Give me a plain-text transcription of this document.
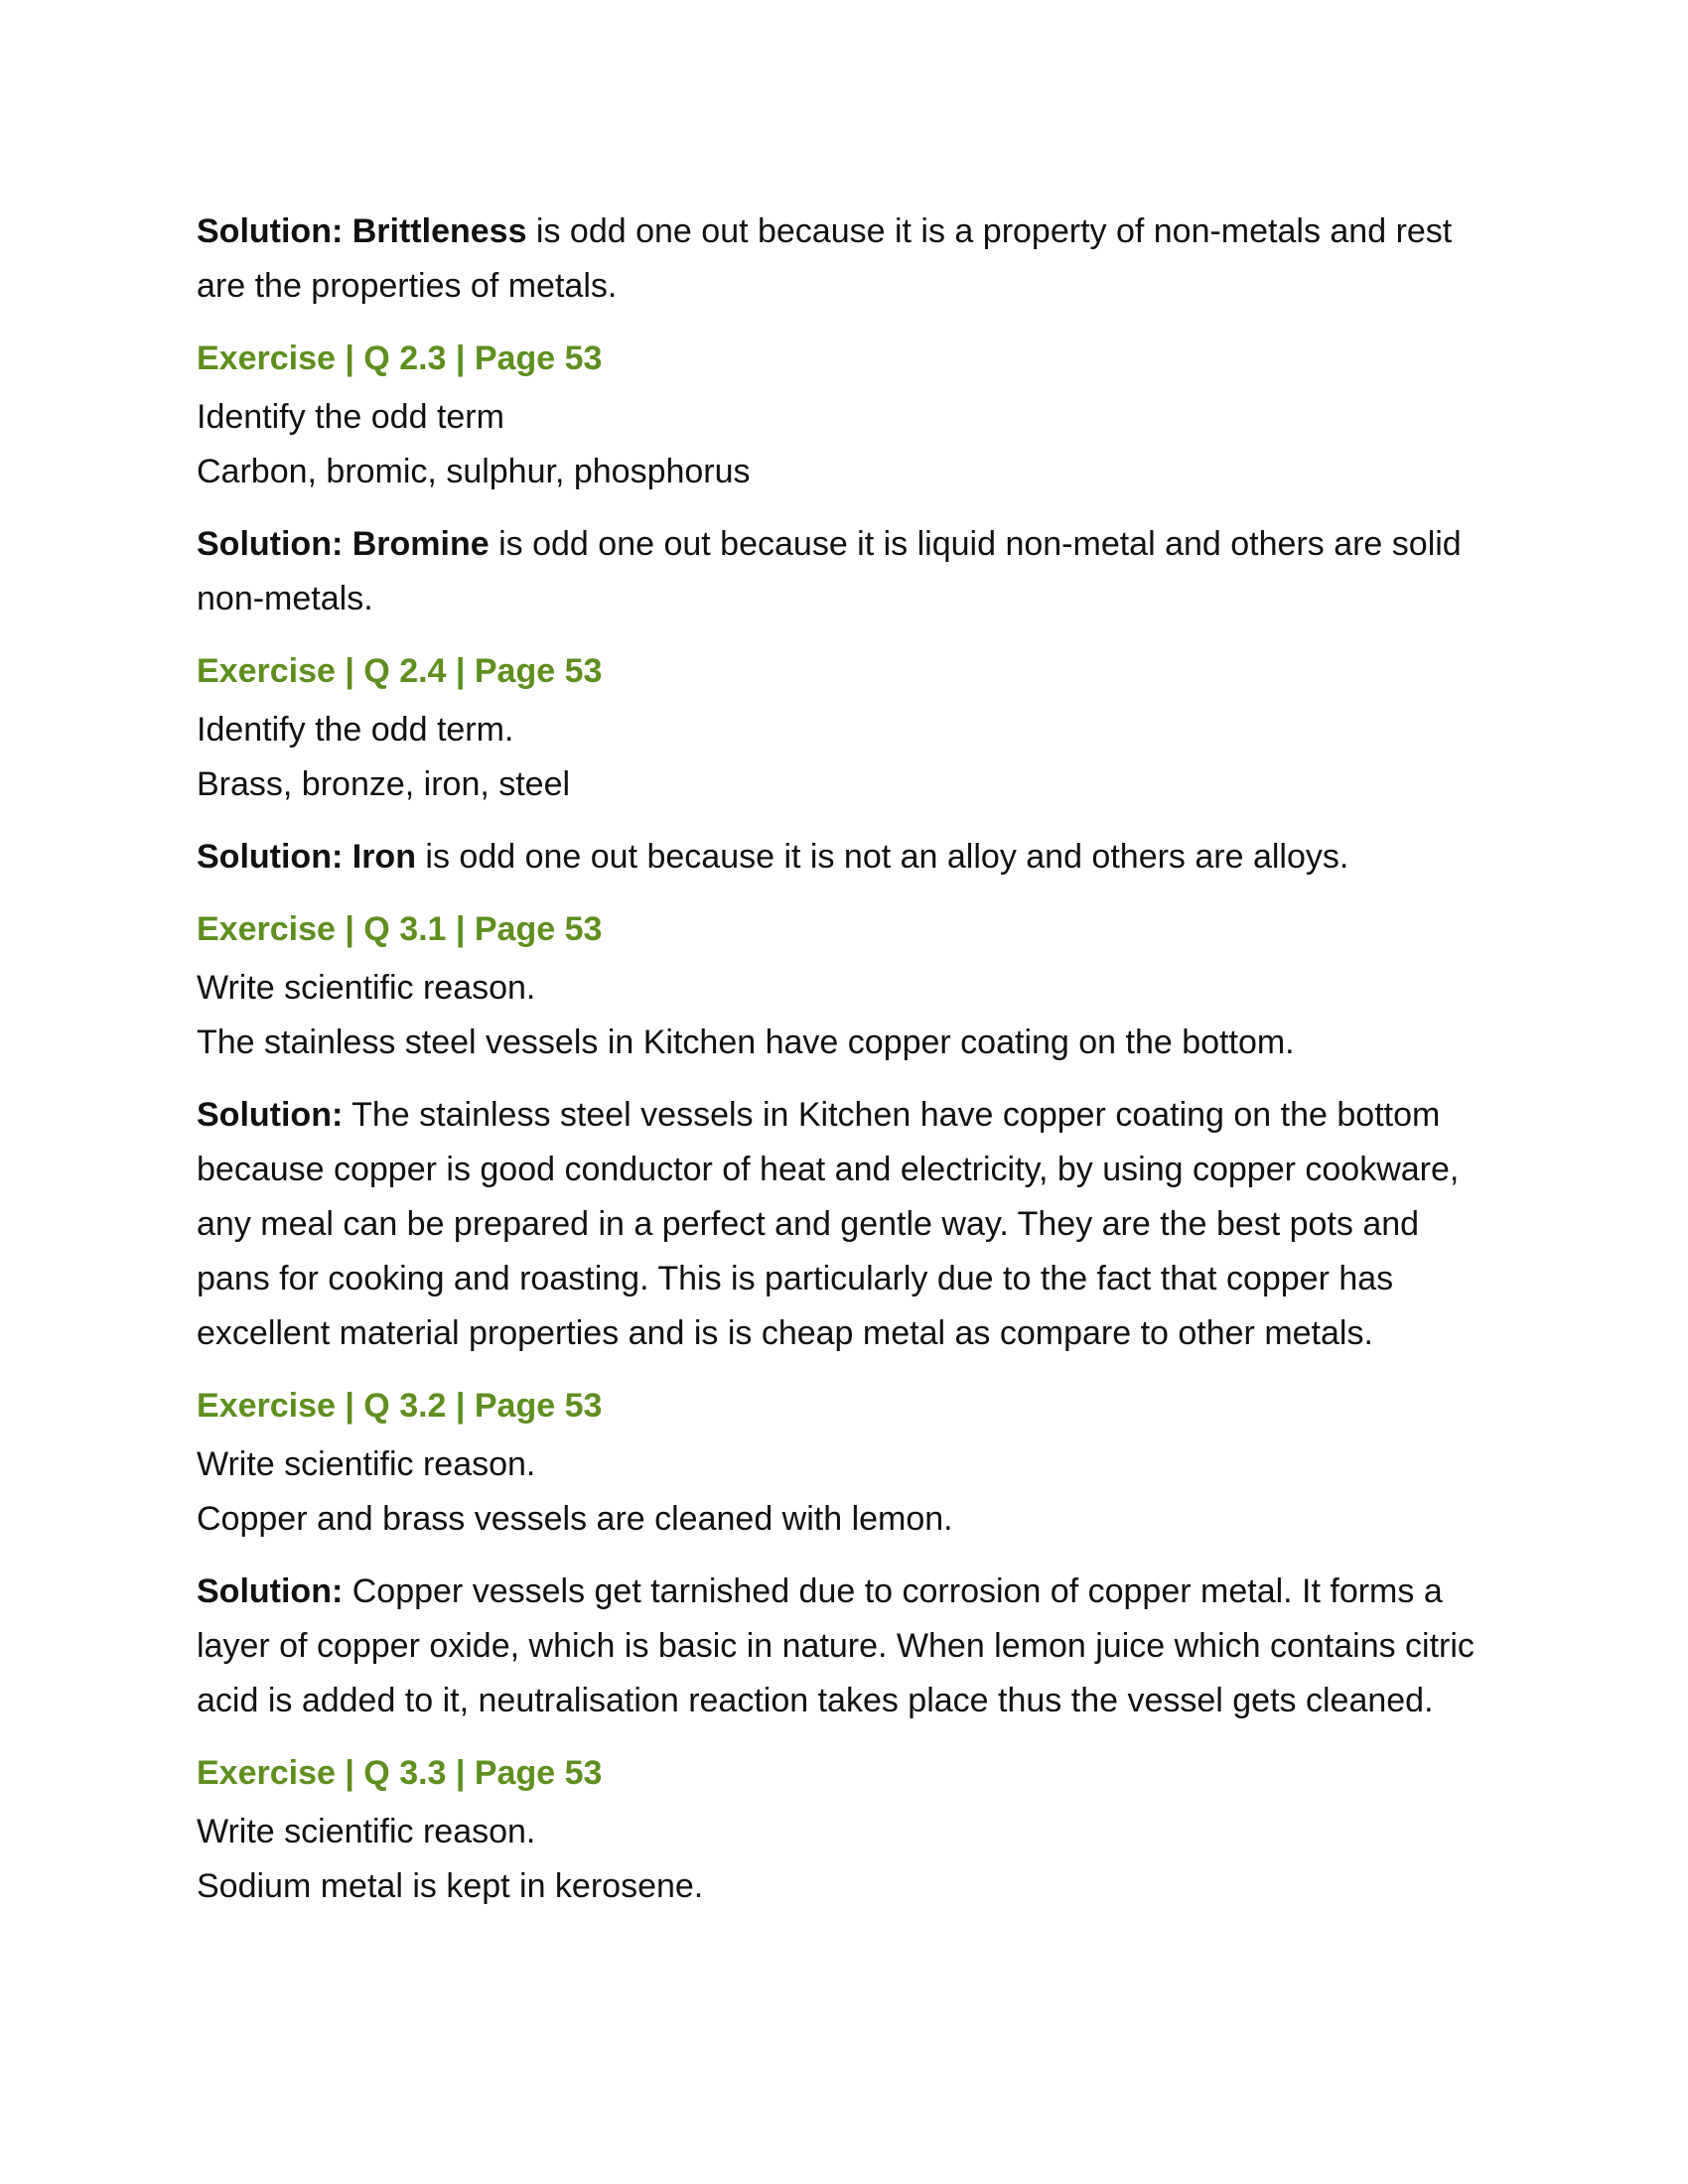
Solution: Brittleness is odd one out because it is a property of non-metals and rest are the properties of metals.

Exercise | Q 2.3 | Page 53

Identify the odd term

Carbon, bromic, sulphur, phosphorus

Solution: Bromine is odd one out because it is liquid non-metal and others are solid non-metals.

Exercise | Q 2.4 | Page 53

Identify the odd term.

Brass, bronze, iron, steel

Solution: Iron is odd one out because it is not an alloy and others are alloys.

Exercise | Q 3.1 | Page 53

Write scientific reason.

The stainless steel vessels in Kitchen have copper coating on the bottom.

Solution: The stainless steel vessels in Kitchen have copper coating on the bottom because copper is good conductor of heat and electricity, by using copper cookware, any meal can be prepared in a perfect and gentle way. They are the best pots and pans for cooking and roasting. This is particularly due to the fact that copper has excellent material properties and is is cheap metal as compare to other metals.

Exercise | Q 3.2 | Page 53

Write scientific reason.

Copper and brass vessels are cleaned with lemon.

Solution: Copper vessels get tarnished due to corrosion of copper metal. It forms a layer of copper oxide, which is basic in nature. When lemon juice which contains citric acid is added to it, neutralisation reaction takes place thus the vessel gets cleaned.

Exercise | Q 3.3 | Page 53

Write scientific reason.

Sodium metal is kept in kerosene.
